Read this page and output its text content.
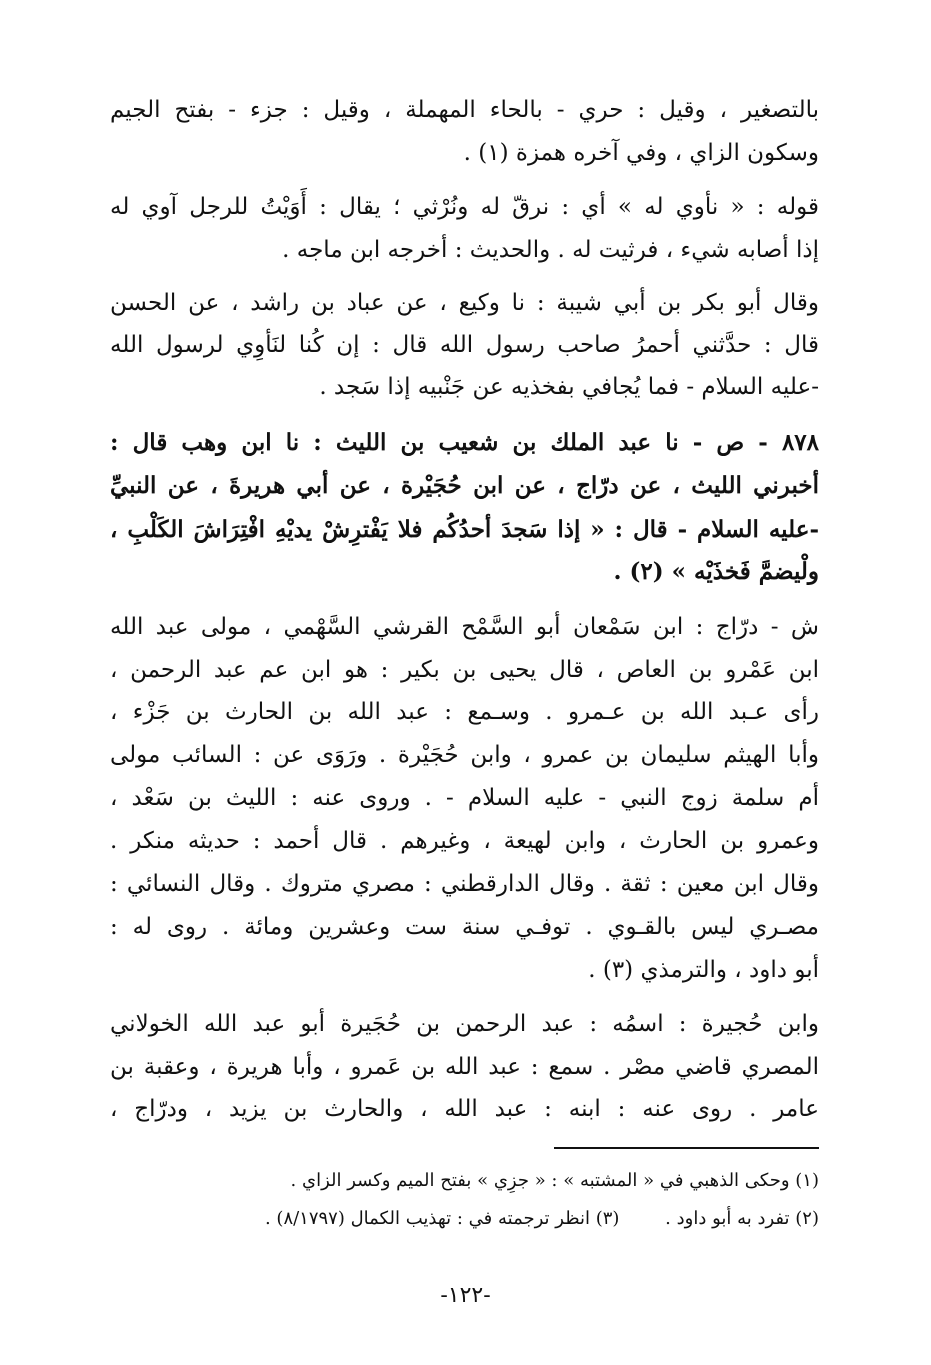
بالتصغير ، وقيل : حري - بالحاء المهملة ، وقيل : جزء - بفتح الجيم
وسكون الزاي ، وفي آخره همزة (١) .
قوله : « نأوي له » أي : نرقّ له ونُرْثي ؛ يقال : أَوَيْتُ للرجل آوي له
إذا أصابه شيء ، فرثيت له . والحديث : أخرجه ابن ماجه .
وقال أبو بكر بن أبي شيبة : نا وكيع ، عن عباد بن راشد ، عن الحسن
قال : حدَّثني أحمرُ صاحب رسول الله قال : إن كُنا لنَأوِي لرسول الله
-عليه السلام - فما يُجافي بفخذيه عن جَنْبيه إذا سَجد .
٨٧٨ - ص - نا عبد الملك بن شعيب بن الليث : نا ابن وهب قال :
أخبرني الليث ، عن درّاج ، عن ابن حُجَيْرة ، عن أبي هريرةَ ، عن النبيِّ
-عليه السلام - قال : « إذا سَجدَ أحدُكُم فلا يَفْترِشْ يديْهِ افْتِرَاشَ الكَلْبِ ،
ولْيضمَّ فَخذَيْه » (٢) .
ش - درّاج : ابن سَمْعان أبو السَّمْح القرشي السَّهْمي ، مولى عبد الله
ابن عَمْرو بن العاص ، قال يحيى بن بكير : هو ابن عم عبد الرحمن ،
رأى عـبد الله بن عـمرو . وسـمع : عبد الله بن الحارث بن جَزْء ،
وأبا الهيثم سليمان بن عمرو ، وابن حُجَيْرة . ورَوَى عن : السائب مولى
أم سلمة زوج النبي - عليه السلام - . وروى عنه : الليث بن سَعْد ،
وعمرو بن الحارث ، وابن لهيعة ، وغيرهم . قال أحمد : حديثه منكر .
وقال ابن معين : ثقة . وقال الدارقطني : مصري متروك . وقال النسائي :
مصـري ليس بالقـوي . توفـي سنة ست وعشرين ومائة . روى له :
أبو داود ، والترمذي (٣) .
وابن حُجيرة : اسمُه : عبد الرحمن بن حُجَيرة أبو عبد الله الخولاني
المصري قاضي مصْر . سمع : عبد الله بن عَمرو ، وأبا هريرة ، وعقبة بن
عامر . روى عنه : ابنه : عبد الله ، والحارث بن يزيد ، ودرّاج ،
(١) وحكى الذهبي في « المشتبه » : « جزِي » بفتح الميم وكسر الزاي .
(٢) تفرد به أبو داود .        (٣) انظر ترجمته في : تهذيب الكمال (٨/١٧٩٧) .
-١٢٢-
